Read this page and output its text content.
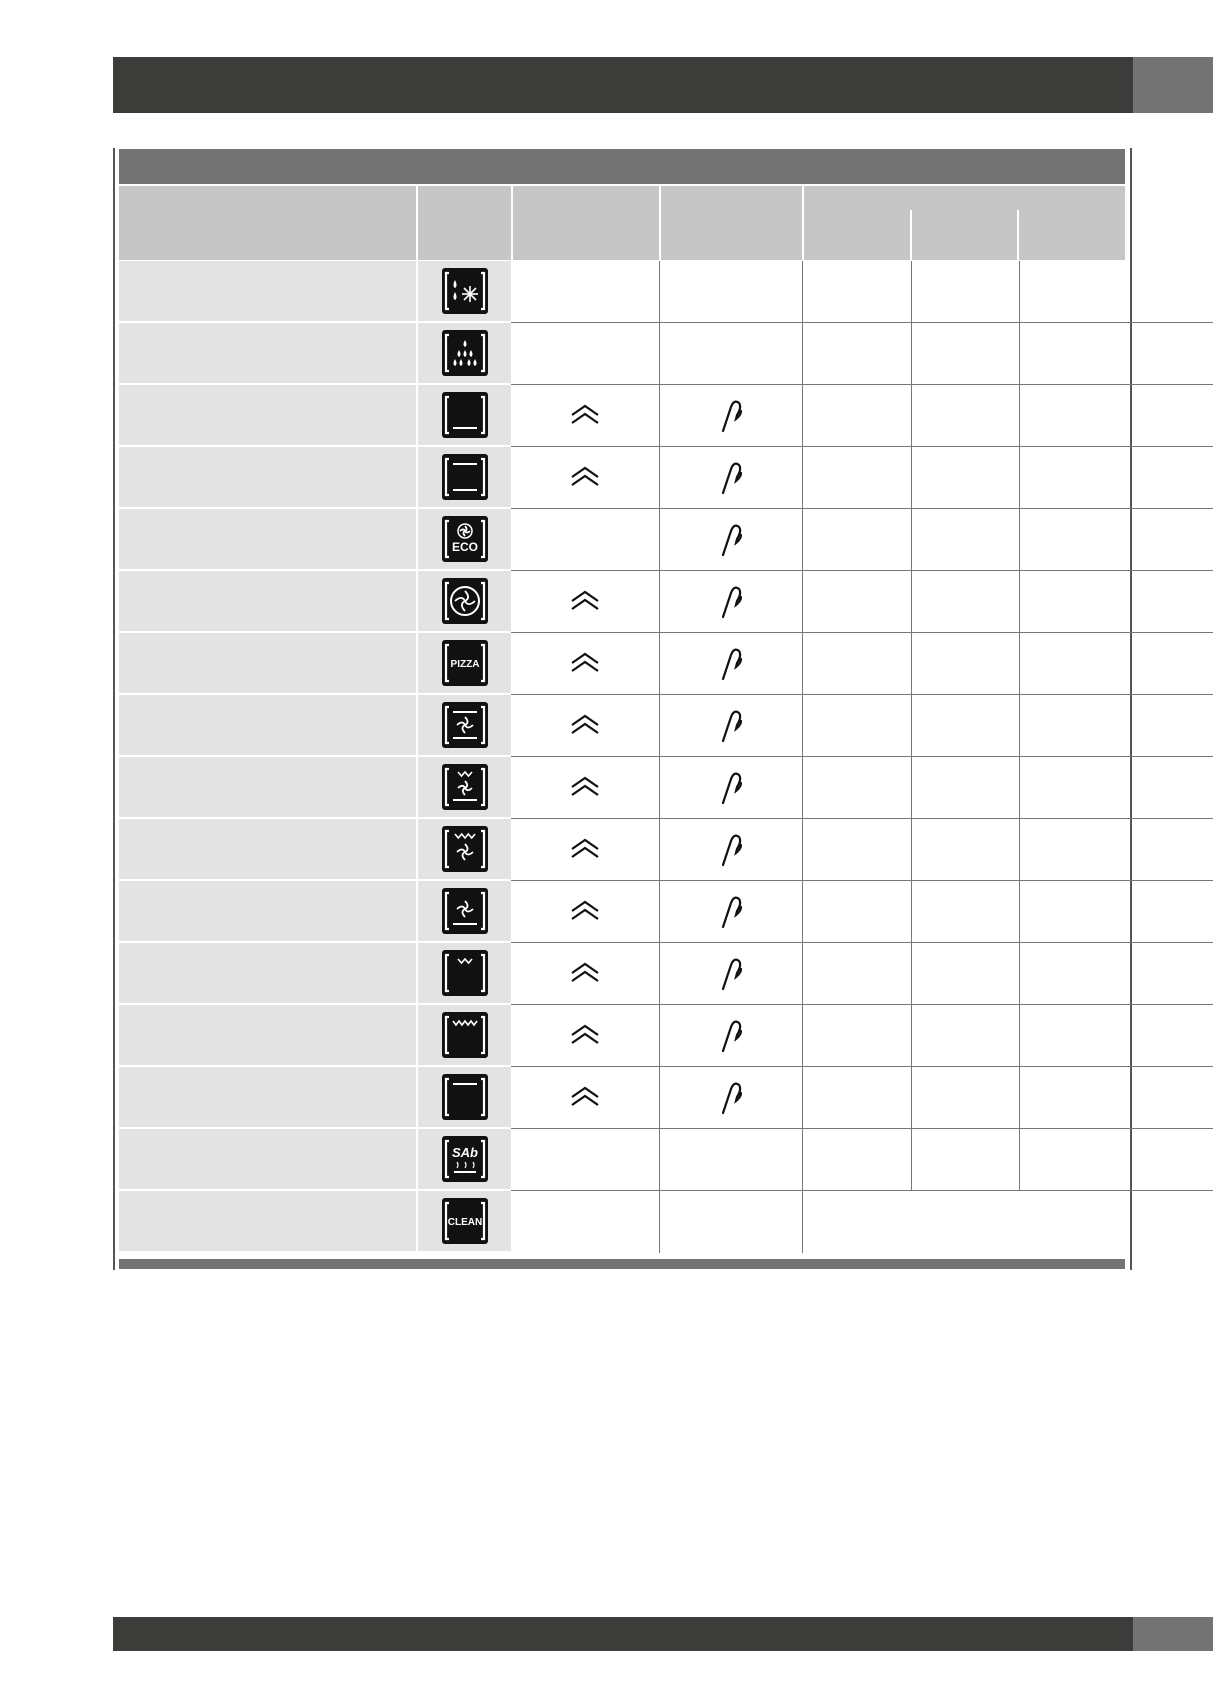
ECO
PIZZA
SAb
CLEAN
